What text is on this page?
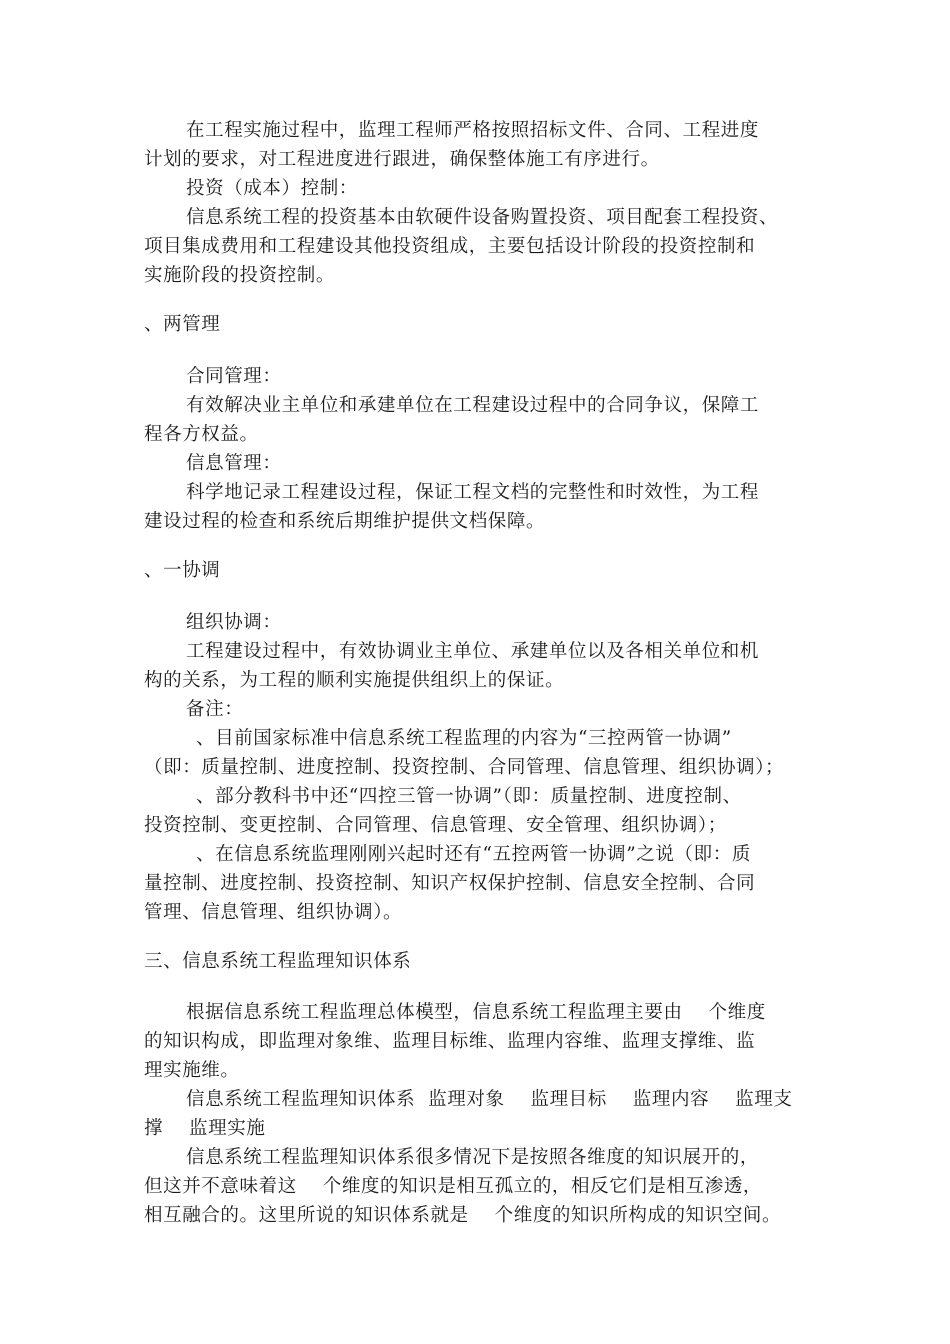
在工程实施过程中，监理工程师严格按照招标文件、合同、工程进度
计划的要求，对工程进度进行跟进，确保整体施工有序进行。
投资（成本）控制：
信息系统工程的投资基本由软硬件设备购置投资、项目配套工程投资、
项目集成费用和工程建设其他投资组成，主要包括设计阶段的投资控制和
实施阶段的投资控制。
、两管理
合同管理：
有效解决业主单位和承建单位在工程建设过程中的合同争议，保障工
程各方权益。
信息管理：
科学地记录工程建设过程，保证工程文档的完整性和时效性，为工程
建设过程的检查和系统后期维护提供文档保障。
、一协调
组织协调：
工程建设过程中，有效协调业主单位、承建单位以及各相关单位和机
构的关系，为工程的顺利实施提供组织上的保证。
备注：
、目前国家标准中信息系统工程监理的内容为“三控两管一协调”
（即：质量控制、进度控制、投资控制、合同管理、信息管理、组织协调）；
、部分教科书中还“四控三管一协调”（即：质量控制、进度控制、
投资控制、变更控制、合同管理、信息管理、安全管理、组织协调）；
、在信息系统监理刚刚兴起时还有“五控两管一协调”之说（即：质
量控制、进度控制、投资控制、知识产权保护控制、信息安全控制、合同
管理、信息管理、组织协调）。
三、信息系统工程监理知识体系
根据信息系统工程监理总体模型，信息系统工程监理主要由    个维度
的知识构成，即监理对象维、监理目标维、监理内容维、监理支撑维、监
理实施维。
信息系统工程监理知识体系  监理对象    监理目标    监理内容    监理支
撑    监理实施
信息系统工程监理知识体系很多情况下是按照各维度的知识展开的，
但这并不意味着这    个维度的知识是相互孤立的，相反它们是相互渗透，
相互融合的。这里所说的知识体系就是    个维度的知识所构成的知识空间。
